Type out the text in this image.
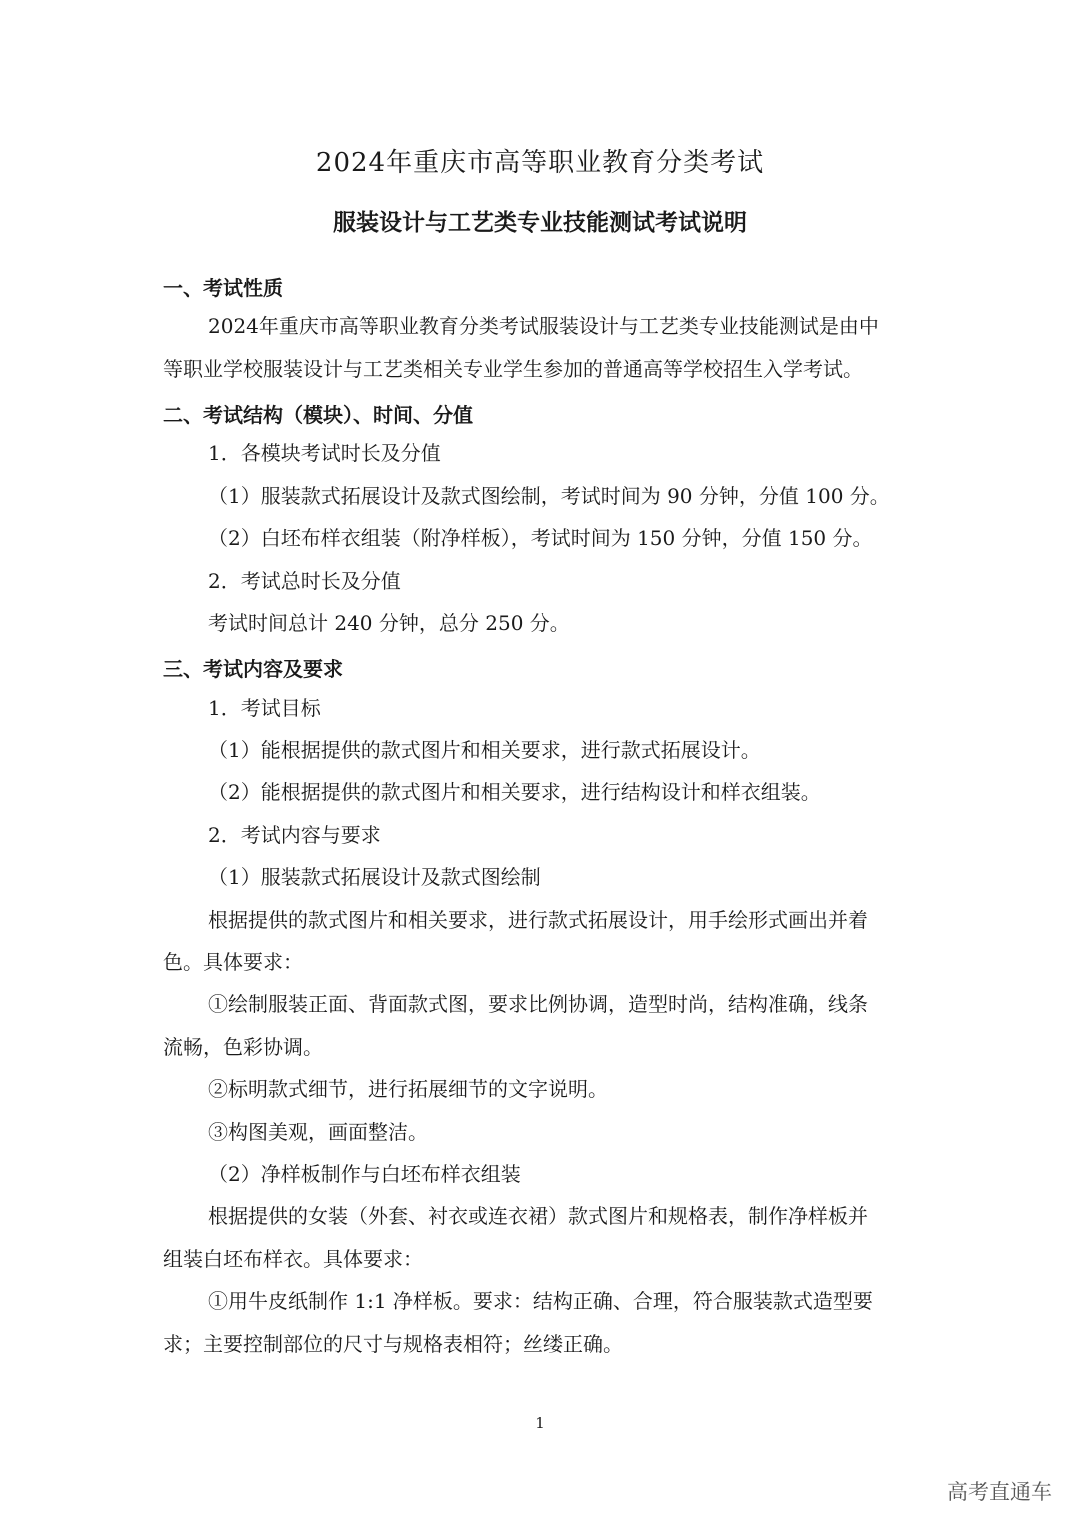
2024年重庆市高等职业教育分类考试
服装设计与工艺类专业技能测试考试说明
一、考试性质
2024年重庆市高等职业教育分类考试服装设计与工艺类专业技能测试是由中
等职业学校服装设计与工艺类相关专业学生参加的普通高等学校招生入学考试。
二、考试结构（模块）、时间、分值
1．各模块考试时长及分值
（1）服装款式拓展设计及款式图绘制，考试时间为 90 分钟，分值 100 分。
（2）白坯布样衣组装（附净样板），考试时间为 150 分钟，分值 150 分。
2．考试总时长及分值
考试时间总计 240 分钟，总分 250 分。
三、考试内容及要求
1．考试目标
（1）能根据提供的款式图片和相关要求，进行款式拓展设计。
（2）能根据提供的款式图片和相关要求，进行结构设计和样衣组装。
2．考试内容与要求
（1）服装款式拓展设计及款式图绘制
根据提供的款式图片和相关要求，进行款式拓展设计，用手绘形式画出并着
色。具体要求：
①绘制服装正面、背面款式图，要求比例协调，造型时尚，结构准确，线条
流畅，色彩协调。
②标明款式细节，进行拓展细节的文字说明。
③构图美观，画面整洁。
（2）净样板制作与白坯布样衣组装
根据提供的女装（外套、衬衣或连衣裙）款式图片和规格表，制作净样板并
组装白坯布样衣。具体要求：
①用牛皮纸制作 1:1 净样板。要求：结构正确、合理，符合服装款式造型要
求；主要控制部位的尺寸与规格表相符；丝缕正确。
1
高考直通车
